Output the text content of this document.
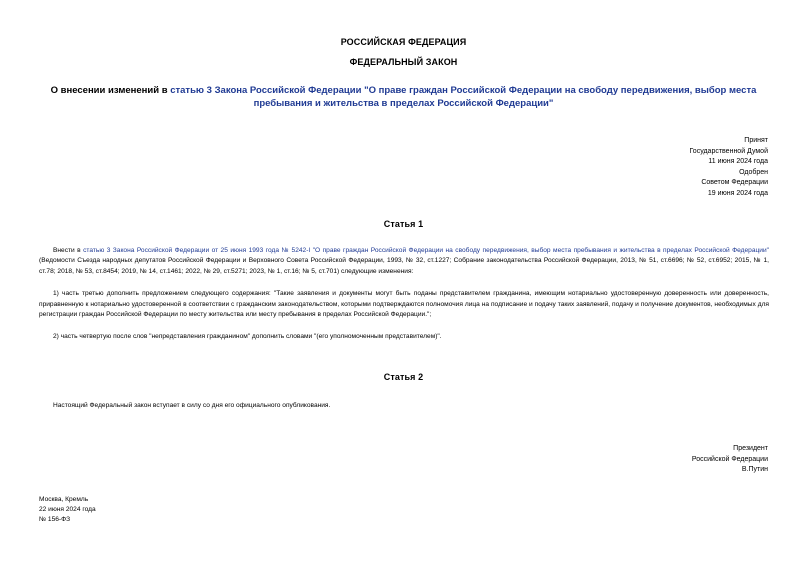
РОССИЙСКАЯ ФЕДЕРАЦИЯ
ФЕДЕРАЛЬНЫЙ ЗАКОН
О внесении изменений в статью 3 Закона Российской Федерации "О праве граждан Российской Федерации на свободу передвижения, выбор места пребывания и жительства в пределах Российской Федерации"
Принят
Государственной Думой
11 июня 2024 года
Одобрен
Советом Федерации
19 июня 2024 года
Статья 1

Внести в статью 3 Закона Российской Федерации от 25 июня 1993 года № 5242-I "О праве граждан Российской Федерации на свободу передвижения, выбор места пребывания и жительства в пределах Российской Федерации" (Ведомости Съезда народных депутатов Российской Федерации и Верховного Совета Российской Федерации, 1993, № 32, ст.1227; Собрание законодательства Российской Федерации, 2013, № 51, ст.6696; № 52, ст.6952; 2015, № 1, ст.78; 2018, № 53, ст.8454; 2019, № 14, ст.1461; 2022, № 29, ст.5271; 2023, № 1, ст.16; № 5, ст.701) следующие изменения:

1) часть третью дополнить предложением следующего содержания: "Такие заявления и документы могут быть поданы представителем гражданина, имеющим нотариально удостоверенную доверенность или доверенность, приравненную к нотариально удостоверенной в соответствии с гражданским законодательством, которыми подтверждаются полномочия лица на подписание и подачу таких заявлений, подачу и получение документов, необходимых для регистрации граждан Российской Федерации по месту жительства или месту пребывания в пределах Российской Федерации.";

2) часть четвертую после слов "непредставления гражданином" дополнить словами "(его уполномоченным представителем)".

Статья 2

Настоящий Федеральный закон вступает в силу со дня его официального опубликования.

Президент
Российской Федерации
В.Путин
Москва, Кремль
22 июня 2024 года
№ 156-ФЗ
